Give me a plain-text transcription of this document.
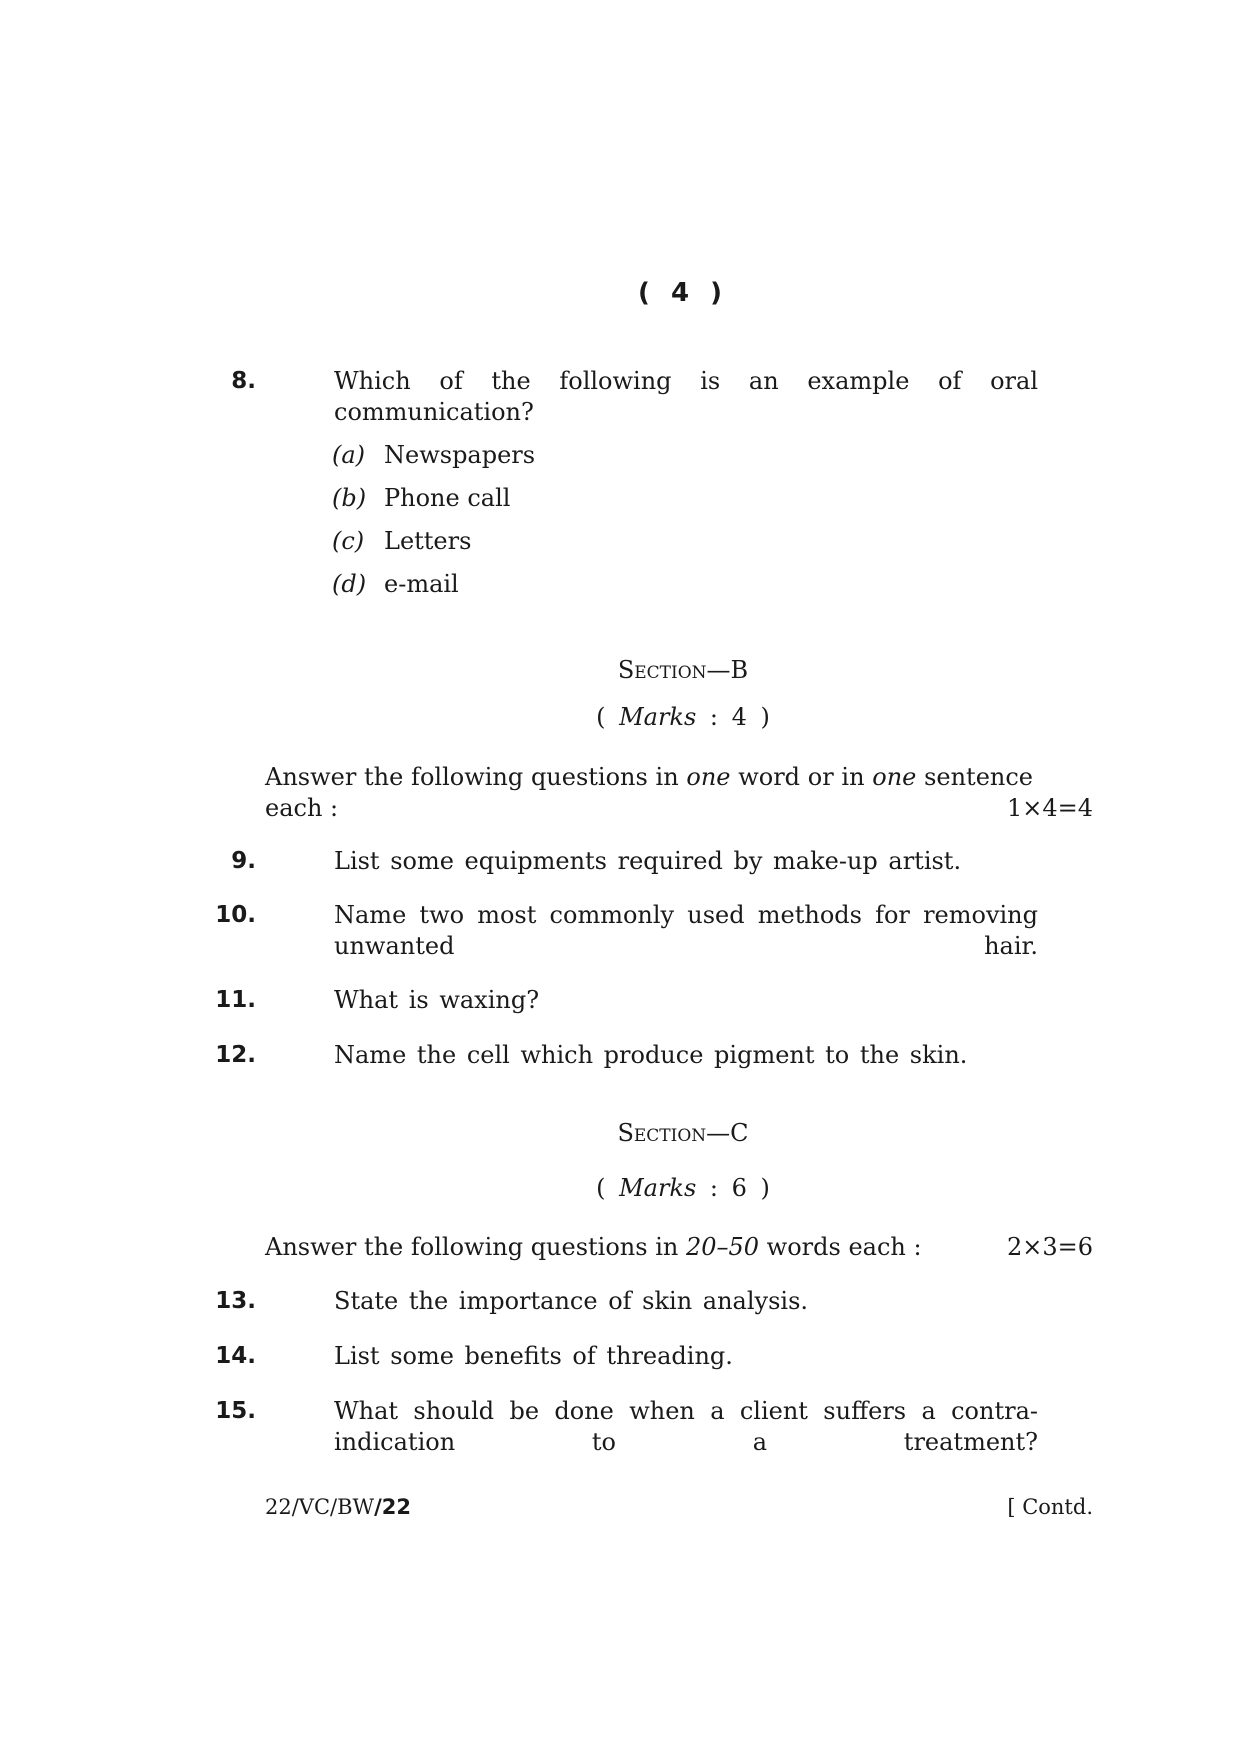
( 4 )
8.	Which of the following is an example of oral communication?
(a) Newspapers
(b) Phone call
(c) Letters
(d) e-mail
Section—B
( Marks : 4 )
Answer the following questions in one word or in one sentence
each :	1×4=4
9.	List some equipments required by make-up artist.
10.	Name two most commonly used methods for removing unwanted hair.
11.	What is waxing?
12.	Name the cell which produce pigment to the skin.
Section—C
( Marks : 6 )
Answer the following questions in 20–50 words each :	2×3=6
13.	State the importance of skin analysis.
14.	List some benefits of threading.
15.	What should be done when a client suffers a contra-indication to a treatment?
22/VC/BW/22	[ Contd.
